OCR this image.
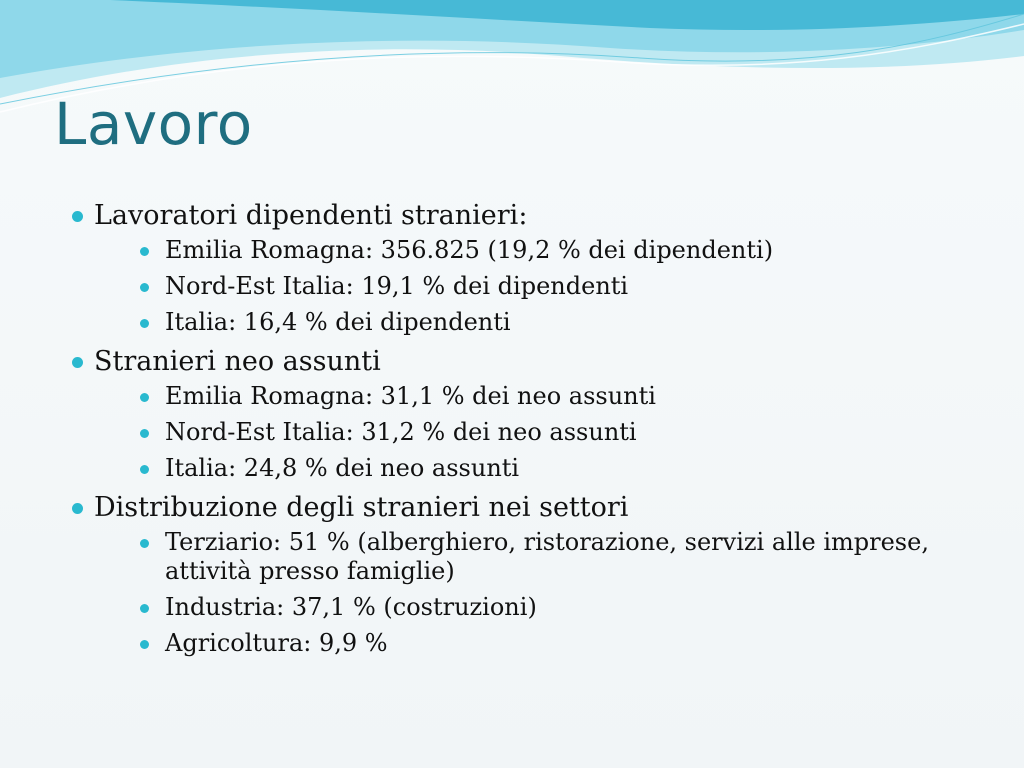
Lavoro
Lavoratori dipendenti stranieri:
Emilia Romagna: 356.825 (19,2 % dei dipendenti)
Nord-Est Italia: 19,1 % dei dipendenti
Italia: 16,4 % dei dipendenti
Stranieri neo assunti
Emilia Romagna: 31,1 % dei neo assunti
Nord-Est Italia: 31,2 % dei neo assunti
Italia: 24,8 % dei neo assunti
Distribuzione degli stranieri nei settori
Terziario: 51 % (alberghiero, ristorazione, servizi alle imprese, attività presso famiglie)
Industria: 37,1 % (costruzioni)
Agricoltura: 9,9 %
